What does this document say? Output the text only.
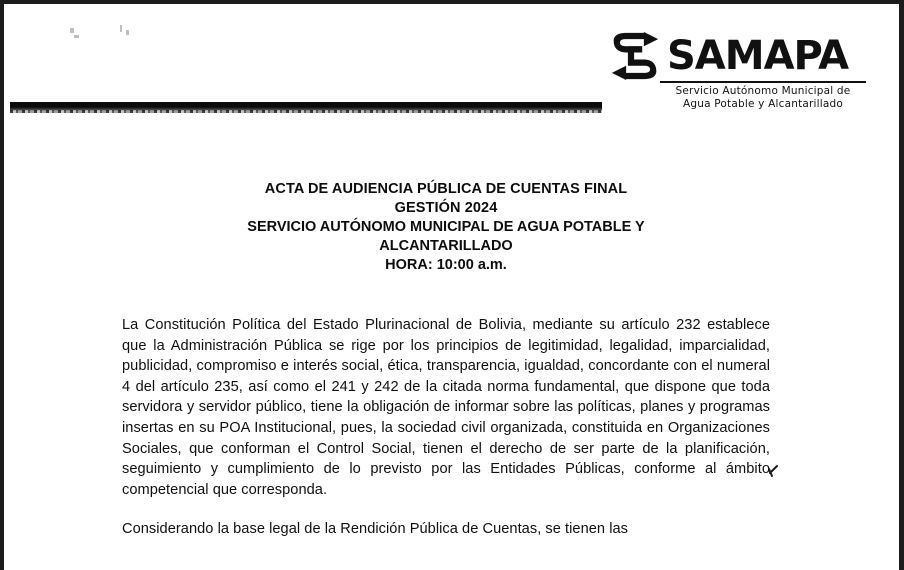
SAMAPA
Servicio Autónomo Municipal de
Agua Potable y Alcantarillado
ACTA DE AUDIENCIA PÚBLICA DE CUENTAS FINAL
GESTIÓN 2024
SERVICIO AUTÓNOMO MUNICIPAL DE AGUA POTABLE Y
ALCANTARILLADO
HORA: 10:00 a.m.

La Constitución Política del Estado Plurinacional de Bolivia, mediante su artículo 232 establece que la Administración Pública se rige por los principios de legitimidad, legalidad, imparcialidad, publicidad, compromiso e interés social, ética, transparencia, igualdad, concordante con el numeral 4 del artículo 235, así como el 241 y 242 de la citada norma fundamental, que dispone que toda servidora y servidor público, tiene la obligación de informar sobre las políticas, planes y programas insertas en su POA Institucional, pues, la sociedad civil organizada, constituida en Organizaciones Sociales, que conforman el Control Social, tienen el derecho de ser parte de la planificación, seguimiento y cumplimiento de lo previsto por las Entidades Públicas, conforme al ámbito competencial que corresponda.

Considerando la base legal de la Rendición Pública de Cuentas, se tienen las
